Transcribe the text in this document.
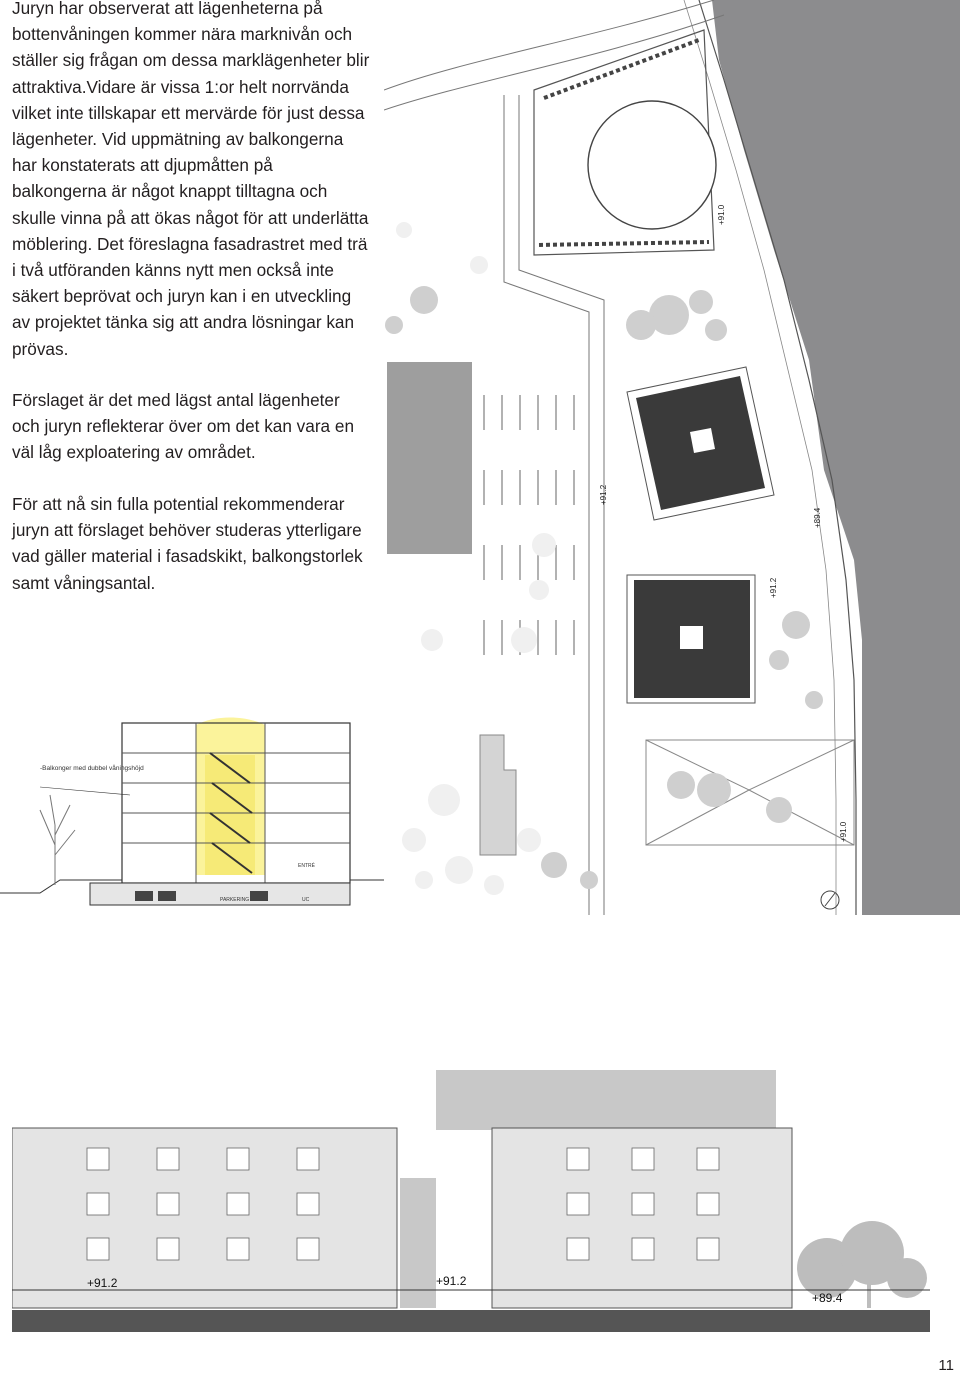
Juryn har observerat att lägenheterna på bottenvåningen kommer nära marknivån och ställer sig frågan om dessa marklägenheter blir attraktiva.Vidare är vissa 1:or helt norrvända vilket inte tillskapar ett mervärde för just dessa lägenheter. Vid uppmätning av balkongerna har konstaterats att djupmåtten på balkongerna är något knappt tilltagna och skulle vinna på att ökas något för att underlätta möblering. Det föreslagna fasadrastret med trä i två utföranden känns nytt men också inte säkert beprövat och juryn kan i en utveckling av projektet tänka sig att andra lösningar kan prövas.

Förslaget är det med lägst antal lägenheter och juryn reflekterar över om det kan vara en väl låg exploatering av området.

För att nå sin fulla potential rekommenderar juryn att förslaget behöver studeras ytterligare vad gäller material i fasadskikt, balkongstorlek samt våningsantal.

+91.0
+91.2
+89.4
+91.2
+91.0
-Balkonger med dubbel våningshöjd
ENTRÉ
PARKERING	UC
+91.2	+91.2
+89.4
11
